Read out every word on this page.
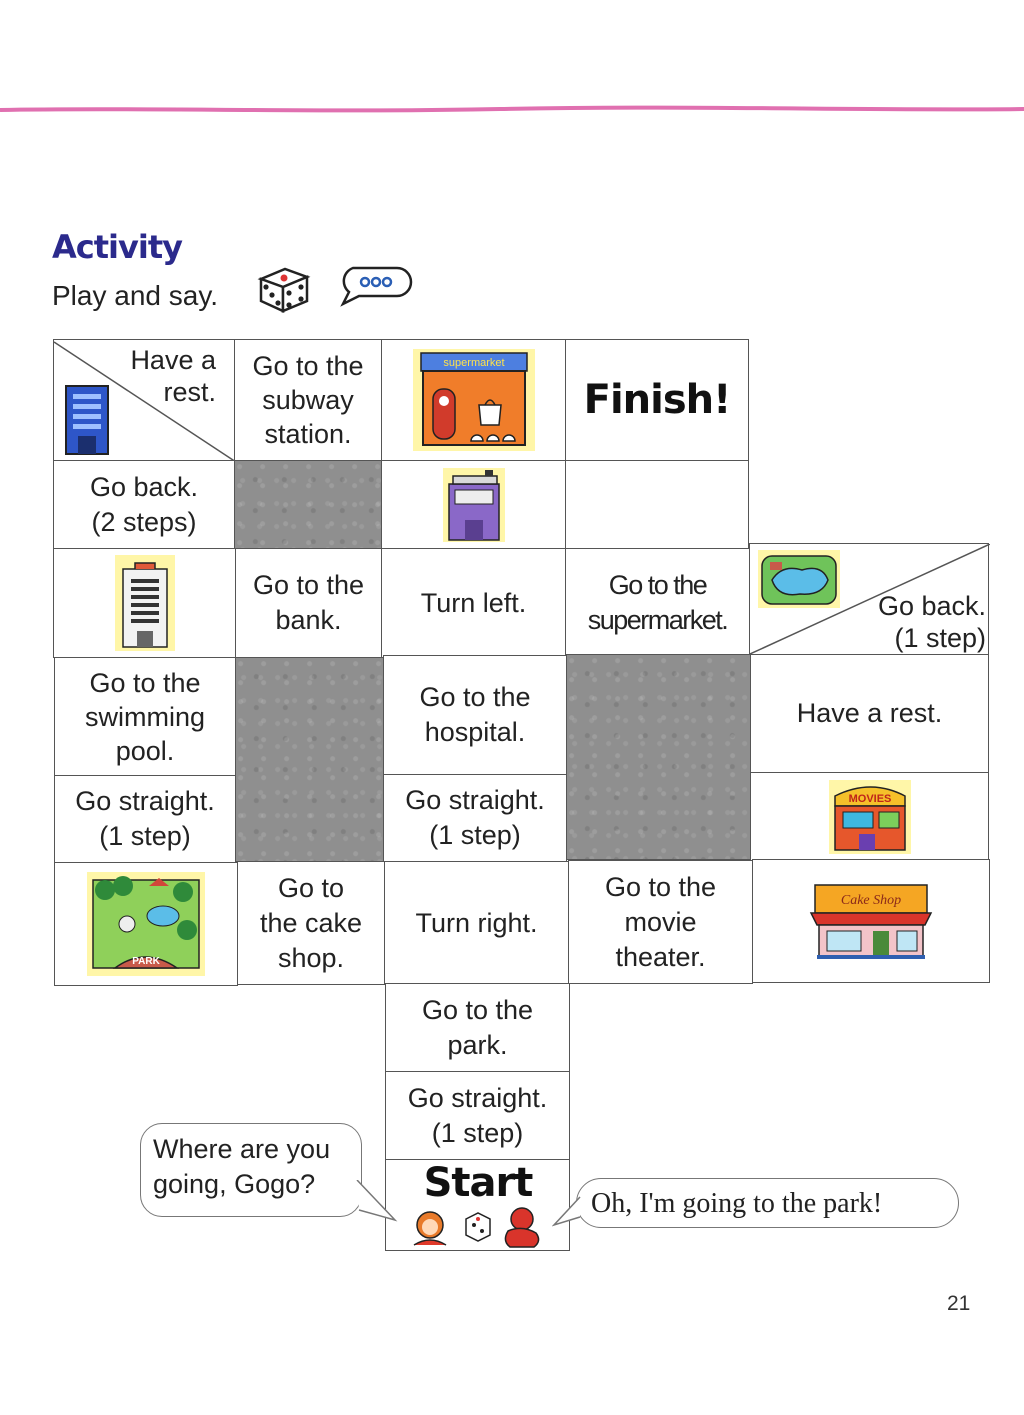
Activity
Play and say.
Have a
rest.
Go to the
subway
station.
supermarket
Finish!
Go back.
(2 steps)
Go to the
bank.
Turn left.
Go to the
supermarket.	Go back.
(1 step)
Go to the
swimming
pool.
Go to the
hospital.
Have a rest.
Go straight.
(1 step)
Go straight.
(1 step)
MOVIES
PARK
Go to
the cake
shop.
Turn right.
Go to the
movie
theater.
Cake Shop
Go to the
park.
Go straight.
(1 step)
Start
Where are you
going, Gogo?
Oh, I'm going to the park!
21
